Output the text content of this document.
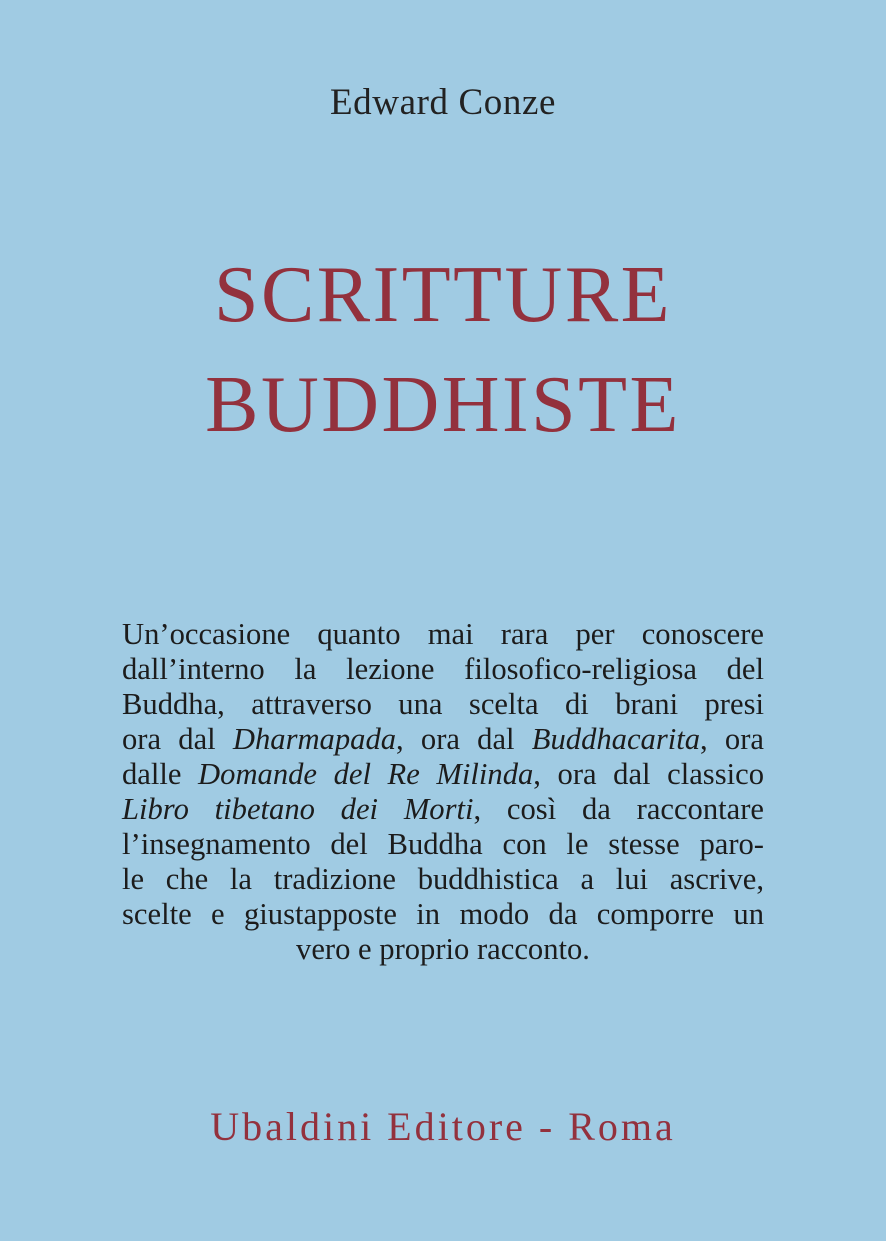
Edward Conze
SCRITTURE
BUDDHISTE
Un’occasione quanto mai rara per conoscere
dall’interno la lezione filosofico-religiosa del
Buddha, attraverso una scelta di brani presi
ora dal Dharmapada, ora dal Buddhacarita, ora
dalle Domande del Re Milinda, ora dal classico
Libro tibetano dei Morti, così da raccontare
l’insegnamento del Buddha con le stesse paro-
le che la tradizione buddhistica a lui ascrive,
scelte e giustapposte in modo da comporre un
vero e proprio racconto.
Ubaldini Editore - Roma
